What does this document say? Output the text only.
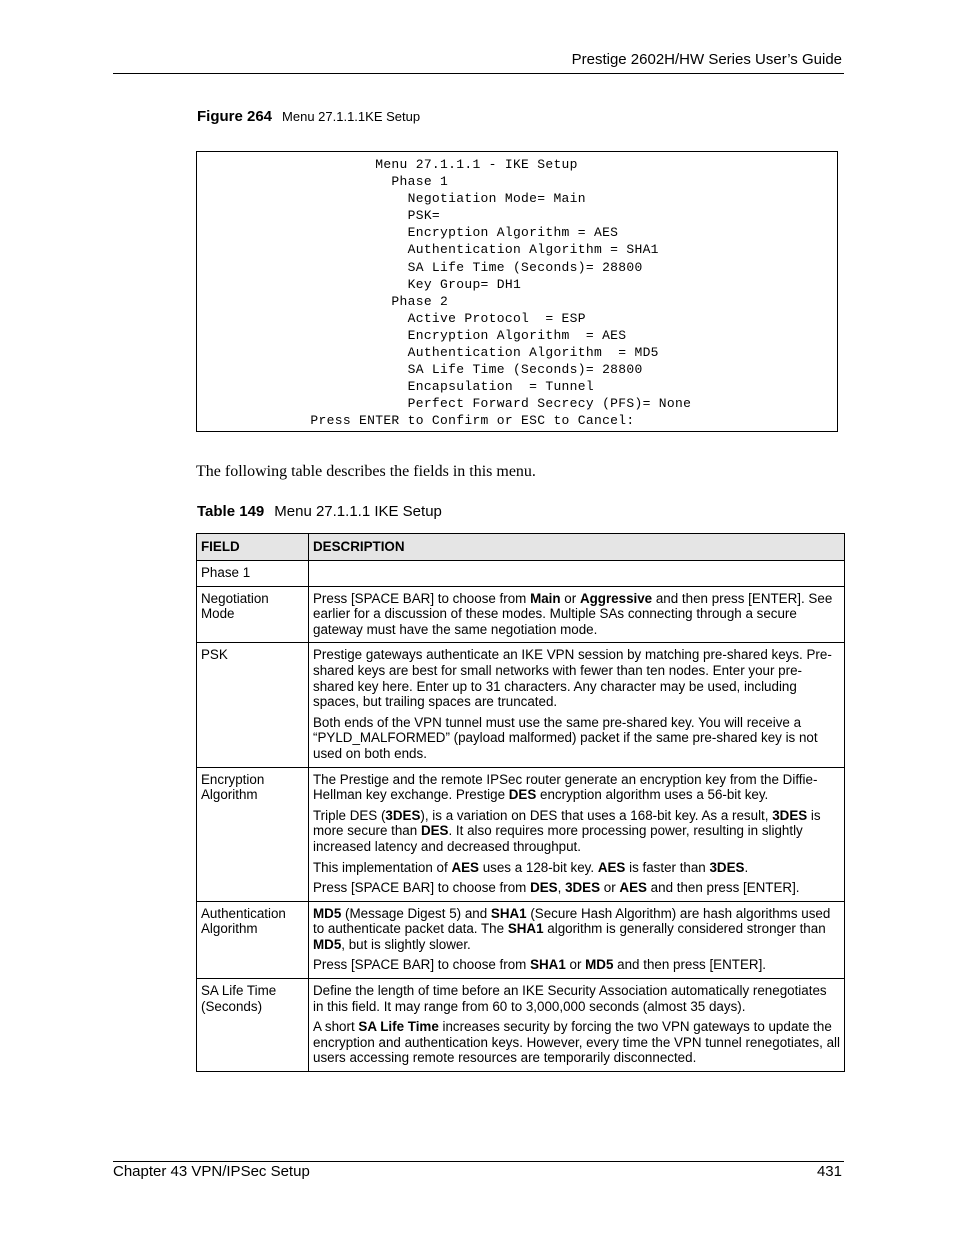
Prestige 2602H/HW Series User’s Guide
Figure 264 Menu 27.1.1.1KE Setup
Menu 27.1.1.1 - IKE Setup
Phase 1
Negotiation Mode= Main
PSK=
Encryption Algorithm = AES
Authentication Algorithm = SHA1
SA Life Time (Seconds)= 28800
Key Group= DH1
Phase 2
Active Protocol  = ESP
Encryption Algorithm  = AES
Authentication Algorithm  = MD5
SA Life Time (Seconds)= 28800
Encapsulation  = Tunnel
Perfect Forward Secrecy (PFS)= None
Press ENTER to Confirm or ESC to Cancel:
The following table describes the fields in this menu.
Table 149 Menu 27.1.1.1 IKE Setup
FIELD	DESCRIPTION
Phase 1	
Negotiation Mode	Press [SPACE BAR] to choose from Main or Aggressive and then press [ENTER]. See earlier for a discussion of these modes. Multiple SAs connecting through a secure gateway must have the same negotiation mode.

PSK	Prestige gateways authenticate an IKE VPN session by matching pre-shared keys. Pre-shared keys are best for small networks with fewer than ten nodes. Enter your pre-shared key here. Enter up to 31 characters. Any character may be used, including spaces, but trailing spaces are truncated.

Both ends of the VPN tunnel must use the same pre-shared key. You will receive a “PYLD_MALFORMED” (payload malformed) packet if the same pre-shared key is not used on both ends.

Encryption Algorithm	The Prestige and the remote IPSec router generate an encryption key from the Diffie-Hellman key exchange. Prestige DES encryption algorithm uses a 56-bit key.

Triple DES (3DES), is a variation on DES that uses a 168-bit key. As a result, 3DES is more secure than DES. It also requires more processing power, resulting in slightly increased latency and decreased throughput.

This implementation of AES uses a 128-bit key. AES is faster than 3DES.

Press [SPACE BAR] to choose from DES, 3DES or AES and then press [ENTER].

Authentication Algorithm	MD5 (Message Digest 5) and SHA1 (Secure Hash Algorithm) are hash algorithms used to authenticate packet data. The SHA1 algorithm is generally considered stronger than MD5, but is slightly slower.

Press [SPACE BAR] to choose from SHA1 or MD5 and then press [ENTER].

SA Life Time (Seconds)	Define the length of time before an IKE Security Association automatically renegotiates in this field. It may range from 60 to 3,000,000 seconds (almost 35 days).

A short SA Life Time increases security by forcing the two VPN gateways to update the encryption and authentication keys. However, every time the VPN tunnel renegotiates, all users accessing remote resources are temporarily disconnected.

Chapter 43 VPN/IPSec Setup	431
